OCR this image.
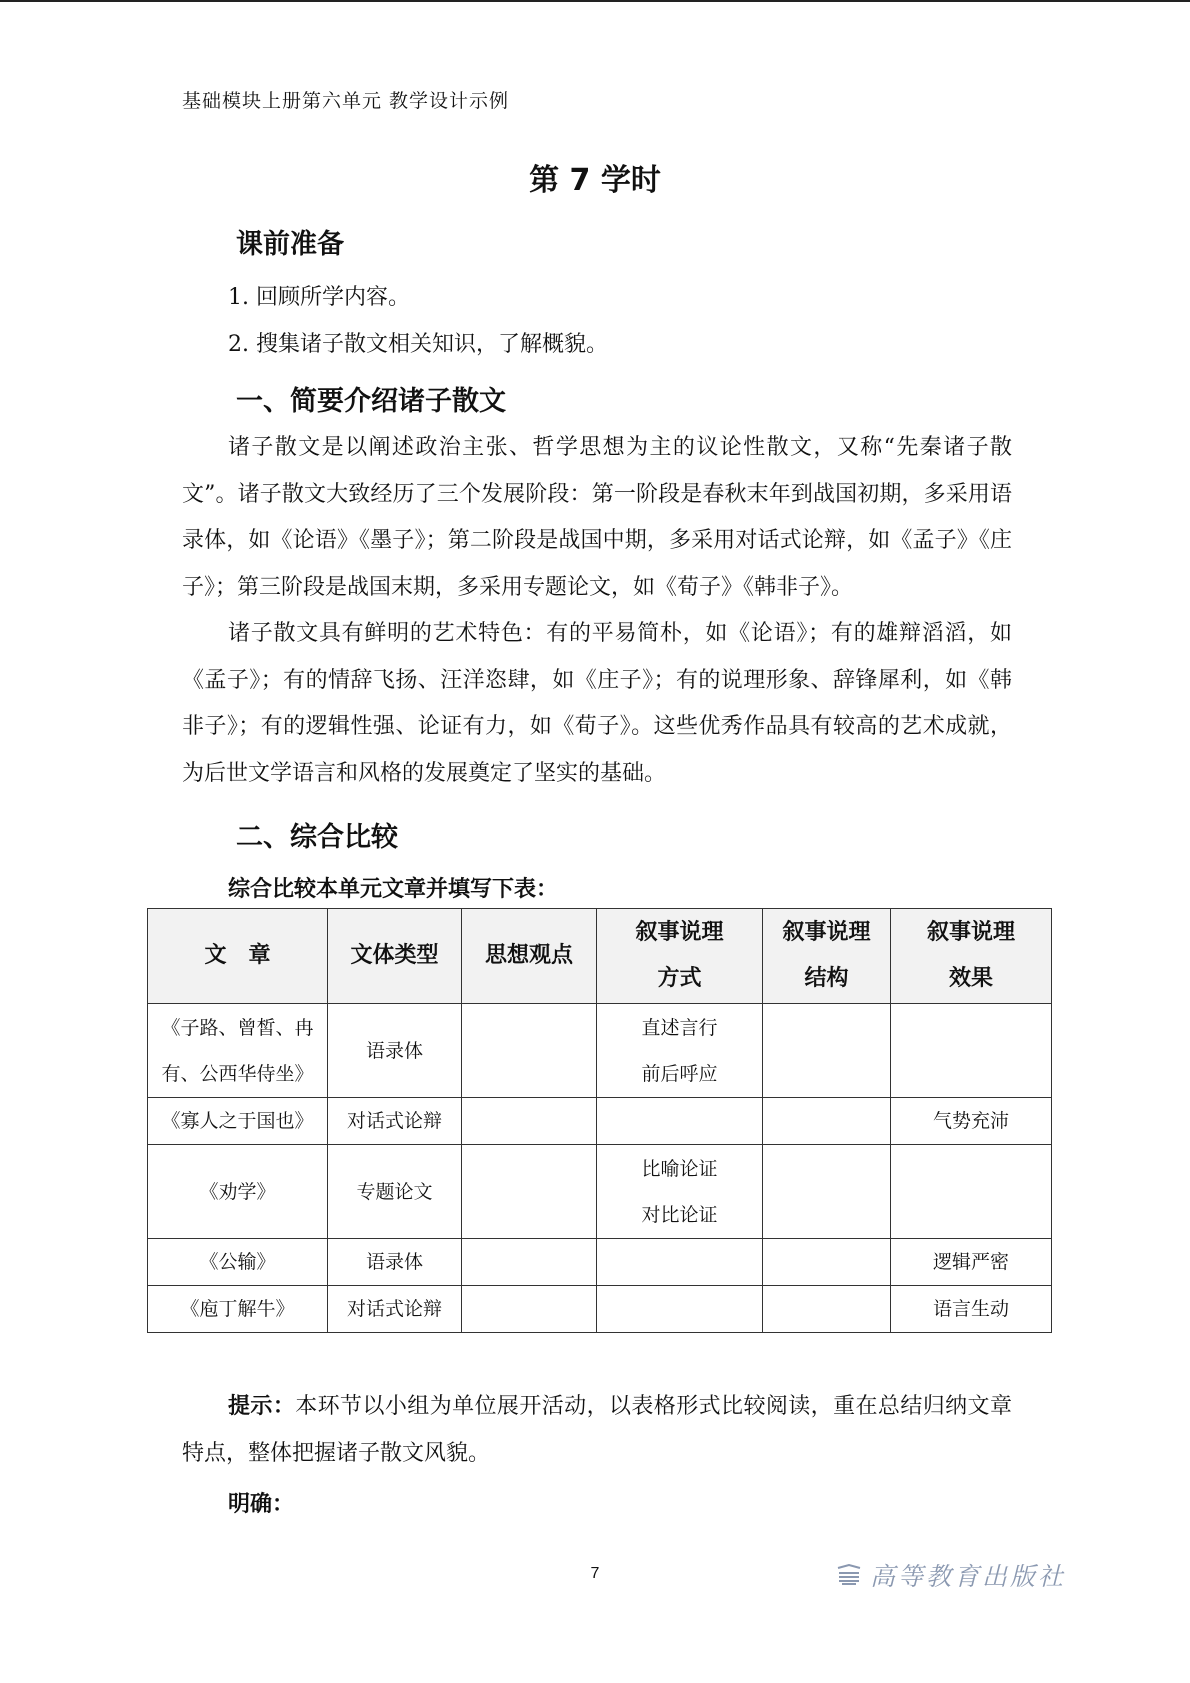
基础模块上册第六单元 教学设计示例
第 7 学时
课前准备
1. 回顾所学内容。
2. 搜集诸子散文相关知识，了解概貌。
一、简要介绍诸子散文

诸子散文是以阐述政治主张、哲学思想为主的议论性散文，又称“先秦诸子散文”。诸子散文大致经历了三个发展阶段：第一阶段是春秋末年到战国初期，多采用语录体，如《论语》《墨子》；第二阶段是战国中期，多采用对话式论辩，如《孟子》《庄子》；第三阶段是战国末期，多采用专题论文，如《荀子》《韩非子》。

诸子散文具有鲜明的艺术特色：有的平易简朴，如《论语》；有的雄辩滔滔，如《孟子》；有的情辞飞扬、汪洋恣肆，如《庄子》；有的说理形象、辞锋犀利，如《韩非子》；有的逻辑性强、论证有力，如《荀子》。这些优秀作品具有较高的艺术成就，为后世文学语言和风格的发展奠定了坚实的基础。

二、综合比较
综合比较本单元文章并填写下表：
文　章	文体类型	思想观点	叙事说理方式	叙事说理结构	叙事说理效果
《子路、曾皙、冉有、公西华侍坐》	语录体		直述言行前后呼应		
《寡人之于国也》	对话式论辩				气势充沛
《劝学》	专题论文		比喻论证对比论证		
《公输》	语录体				逻辑严密
《庖丁解牛》	对话式论辩				语言生动

提示：本环节以小组为单位展开活动，以表格形式比较阅读，重在总结归纳文章特点，整体把握诸子散文风貌。

明确：
7	高等教育出版社
